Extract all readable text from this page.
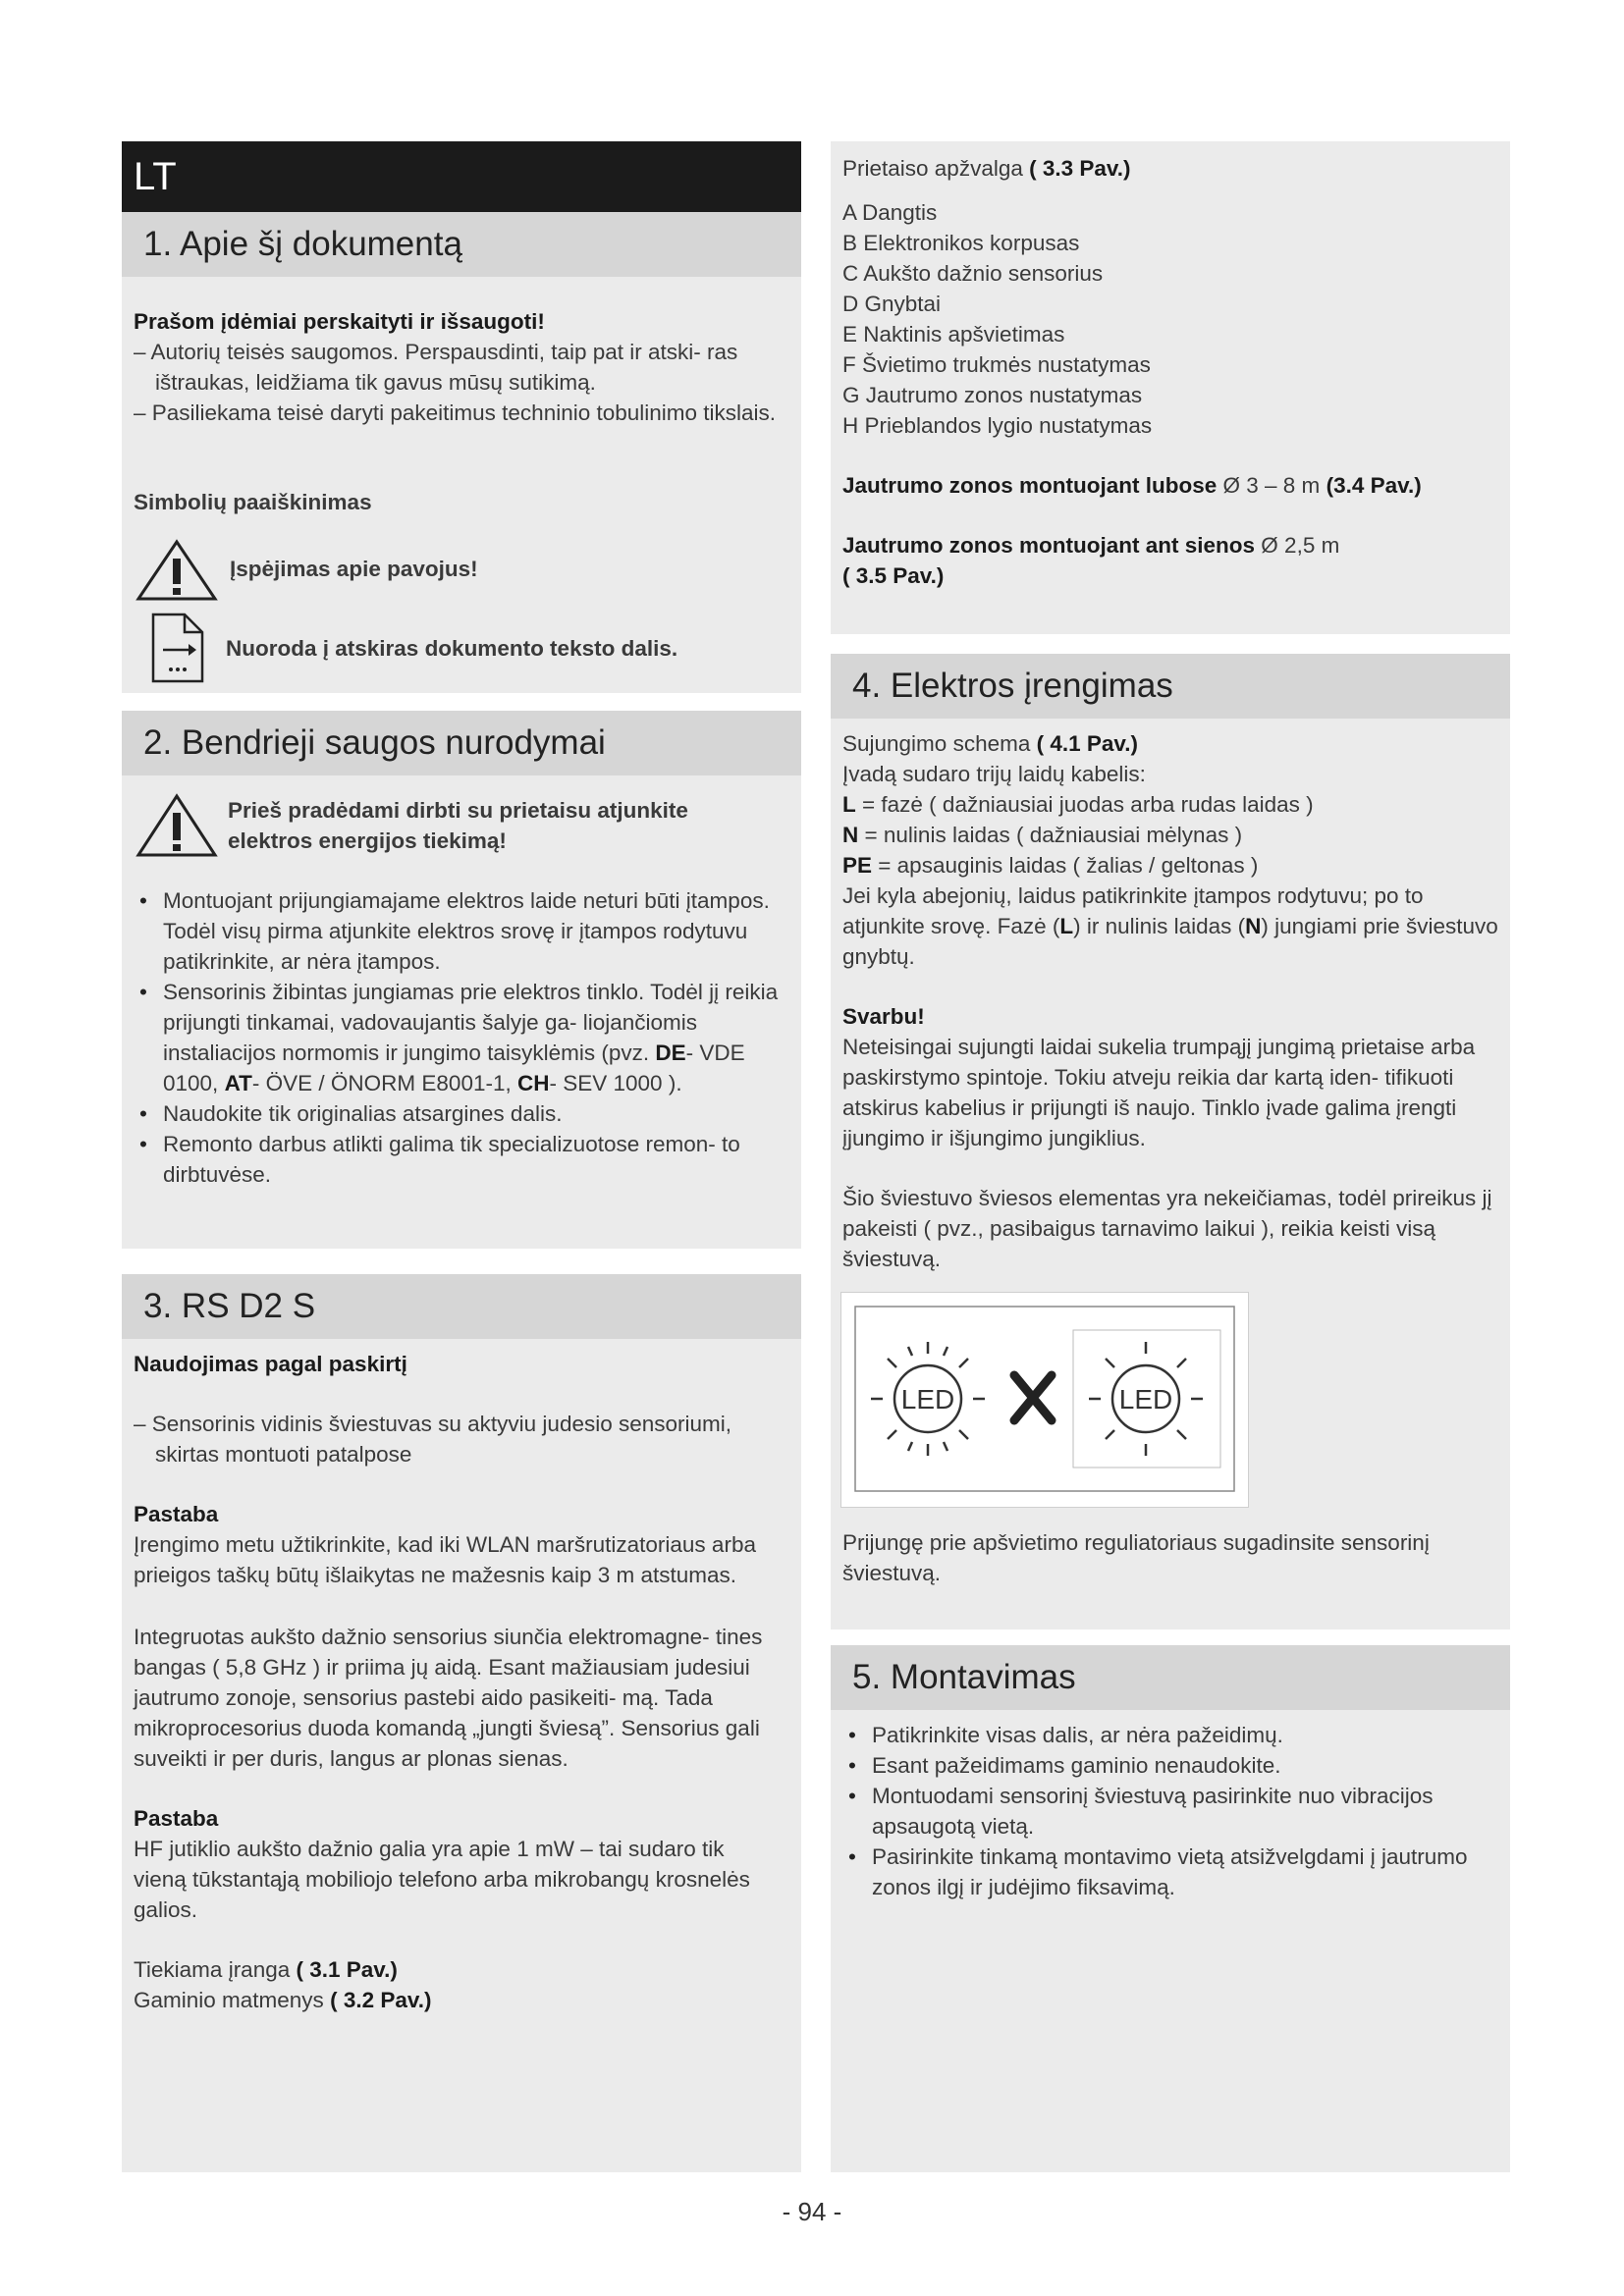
LT
1. Apie šį dokumentą
Prašom įdėmiai perskaityti ir išsaugoti!
– Autorių teisės saugomos. Perspausdinti, taip pat ir atski- ras ištraukas, leidžiama tik gavus mūsų sutikimą.
– Pasiliekama teisė daryti pakeitimus techninio tobulinimo tikslais.
Simbolių paaiškinimas
Įspėjimas apie pavojus!
Nuoroda į atskiras dokumento teksto dalis.
2. Bendrieji saugos nurodymai
Prieš pradėdami dirbti su prietaisu atjunkite elektros energijos tiekimą!
• Montuojant prijungiamajame elektros laide neturi būti įtampos. Todėl visų pirma atjunkite elektros srovę ir įtampos rodytuvu patikrinkite, ar nėra įtampos.
• Sensorinis žibintas jungiamas prie elektros tinklo. Todėl jį reikia prijungti tinkamai, vadovaujantis šalyje ga- liojančiomis instaliacijos normomis ir jungimo taisyklėmis (pvz. DE- VDE 0100, AT- ÖVE / ÖNORM E8001-1, CH- SEV 1000 ).
• Naudokite tik originalias atsargines dalis.
• Remonto darbus atlikti galima tik specializuotose remon- to dirbtuvėse.
3. RS D2 S
Naudojimas pagal paskirtį
– Sensorinis vidinis šviestuvas su aktyviu judesio sensoriumi, skirtas montuoti patalpose
Pastaba
Įrengimo metu užtikrinkite, kad iki WLAN maršrutizatoriaus arba prieigos taškų būtų išlaikytas ne mažesnis kaip 3 m atstumas.
Integruotas aukšto dažnio sensorius siunčia elektromagne- tines bangas ( 5,8 GHz ) ir priima jų aidą. Esant mažiausiam judesiui jautrumo zonoje, sensorius pastebi aido pasikeiti- mą. Tada mikroprocesorius duoda komandą „jungti šviesą”. Sensorius gali suveikti ir per duris, langus ar plonas sienas.
Pastaba
HF jutiklio aukšto dažnio galia yra apie 1 mW – tai sudaro tik vieną tūkstantąją mobiliojo telefono arba mikrobangų krosnelės galios.
Tiekiama įranga ( 3.1 Pav.)
Gaminio matmenys ( 3.2 Pav.)
Prietaiso apžvalga ( 3.3 Pav.)
A Dangtis
B Elektronikos korpusas
C Aukšto dažnio sensorius
D Gnybtai
E Naktinis apšvietimas
F Švietimo trukmės nustatymas
G Jautrumo zonos nustatymas
H Prieblandos lygio nustatymas
Jautrumo zonos montuojant lubose Ø 3 – 8 m (3.4 Pav.)
Jautrumo zonos montuojant ant sienos Ø 2,5 m
( 3.5 Pav.)
4. Elektros įrengimas
Sujungimo schema ( 4.1 Pav.)
Įvadą sudaro trijų laidų kabelis:
L = fazė ( dažniausiai juodas arba rudas laidas )
N = nulinis laidas ( dažniausiai mėlynas )
PE = apsauginis laidas ( žalias / geltonas )
Jei kyla abejonių, laidus patikrinkite įtampos rodytuvu; po to atjunkite srovę. Fazė (L) ir nulinis laidas (N) jungiami prie šviestuvo gnybtų.
Svarbu!
Neteisingai sujungti laidai sukelia trumpąjį jungimą prietaise arba paskirstymo spintoje. Tokiu atveju reikia dar kartą iden- tifikuoti atskirus kabelius ir prijungti iš naujo. Tinklo įvade galima įrengti įjungimo ir išjungimo jungiklius.
Šio šviestuvo šviesos elementas yra nekeičiamas, todėl prireikus jį pakeisti ( pvz., pasibaigus tarnavimo laikui ), reikia keisti visą šviestuvą.
LED	LED
Prijungę prie apšvietimo reguliatoriaus sugadinsite sensorinį šviestuvą.
5. Montavimas
• Patikrinkite visas dalis, ar nėra pažeidimų.
• Esant pažeidimams gaminio nenaudokite.
• Montuodami sensorinį šviestuvą pasirinkite nuo vibracijos apsaugotą vietą.
• Pasirinkite tinkamą montavimo vietą atsižvelgdami į jautrumo zonos ilgį ir judėjimo fiksavimą.
- 94 -
